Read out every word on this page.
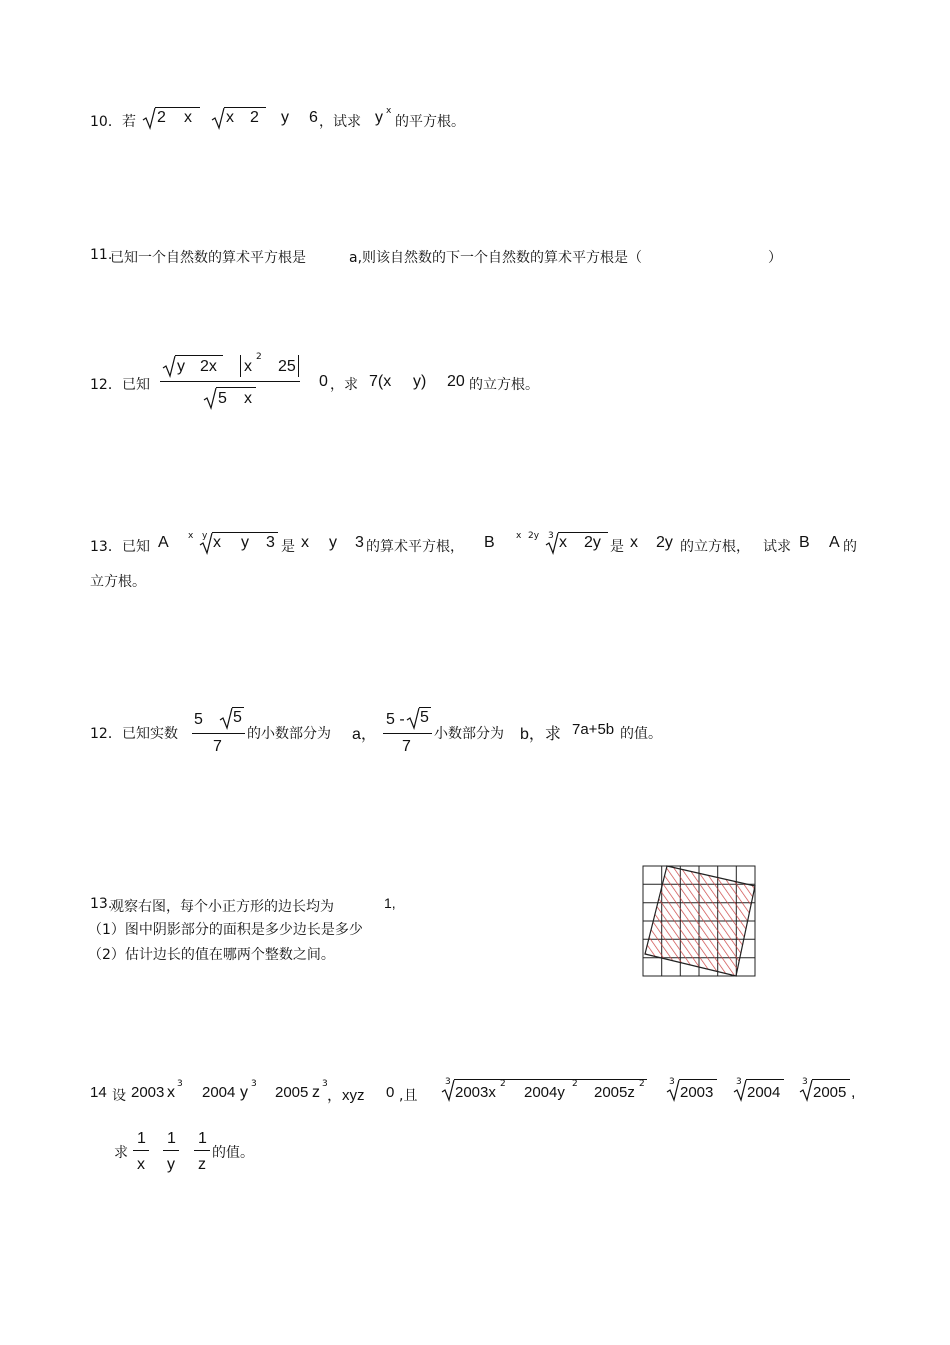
10． 若 2 x x 2 y 6 ，试求 y x
的平方根。
11.
已知一个自然数的算术平方根是	a,则该自然数的下一个自然数的算术平方根是（	）
12． 已知
y 2x x
2
25
5 x
0 ，求 7(x y) 20 的立方根。
13． 已知 A x y x y 3 是 x y 3 的算术平方根， B x 2y 3 x 2y 是 x 2y 的立方根， 试求 B A 的
立方根。
12． 已知实数
5 5
7
的小数部分为 a，
5 - 5
7
小数部分为 b，求 7a+5b 的值。
13.
观察右图，每个小正方形的边长均为	1,
（1）图中阴影部分的面积是多少边长是多少
（2）估计边长的值在哪两个整数之间。
14 设 2003 x 3 2004 y 3 2005 z 3
，xyz 0 ,且
3
2003x 2 2004y 2 2005z 2	3
2003
3
2004
3
2005 ,
求
1
x
1
y
1
z
的值。
